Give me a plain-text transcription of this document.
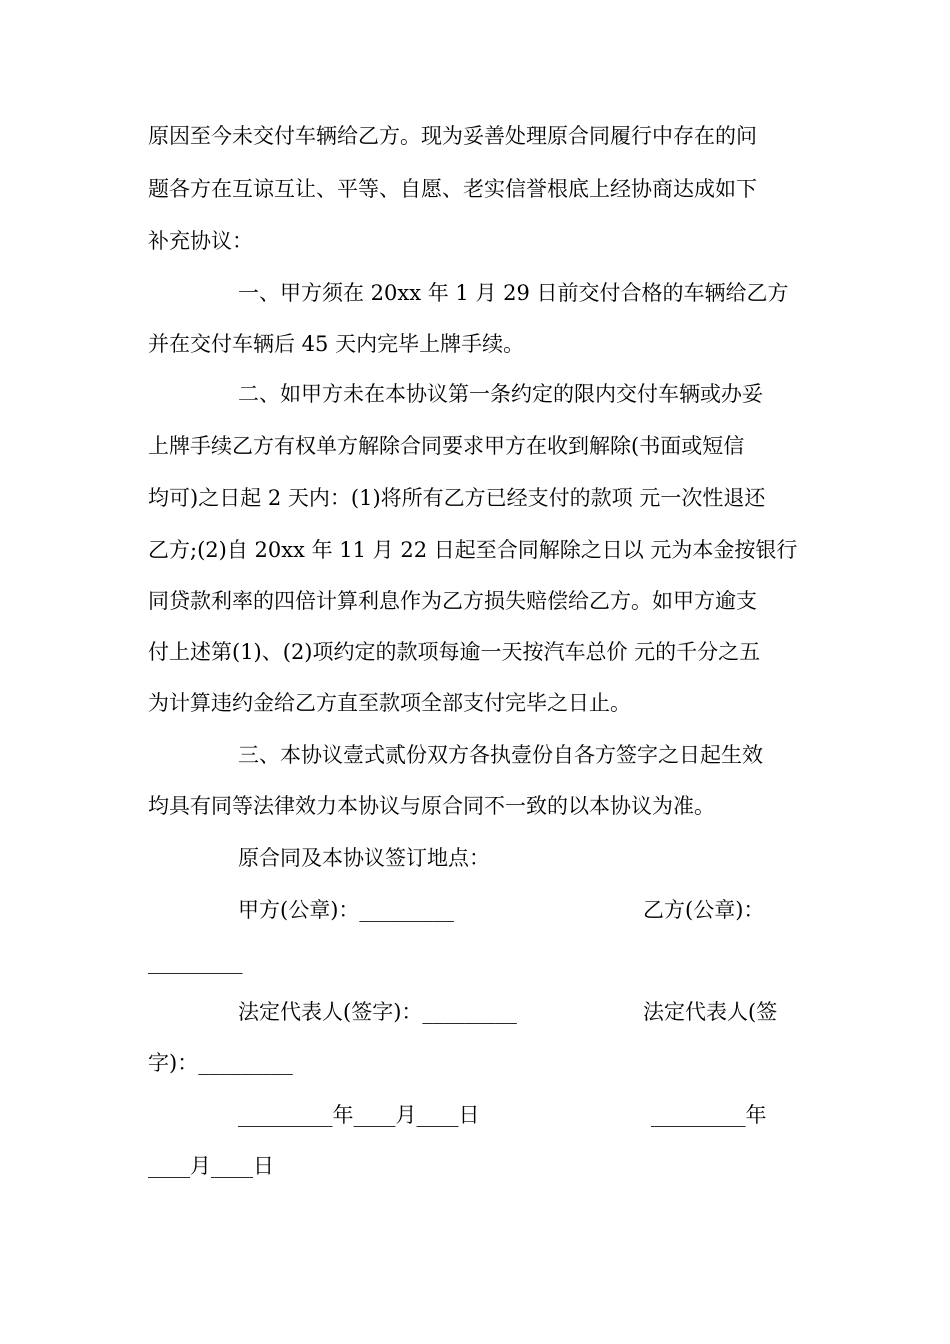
原因至今未交付车辆给乙方。现为妥善处理原合同履行中存在的问
题各方在互谅互让、平等、自愿、老实信誉根底上经协商达成如下
补充协议：
一、甲方须在 20xx 年 1 月 29 日前交付合格的车辆给乙方
并在交付车辆后 45 天内完毕上牌手续。
二、如甲方未在本协议第一条约定的限内交付车辆或办妥
上牌手续乙方有权单方解除合同要求甲方在收到解除(书面或短信
均可)之日起 2 天内：(1)将所有乙方已经支付的款项 元一次性退还
乙方;(2)自 20xx 年 11 月 22 日起至合同解除之日以 元为本金按银行
同贷款利率的四倍计算利息作为乙方损失赔偿给乙方。如甲方逾支
付上述第(1)、(2)项约定的款项每逾一天按汽车总价 元的千分之五
为计算违约金给乙方直至款项全部支付完毕之日止。
三、本协议壹式贰份双方各执壹份自各方签字之日起生效
均具有同等法律效力本协议与原合同不一致的以本协议为准。
原合同及本协议签订地点：
甲方(公章)：_________	乙方(公章)：
_________
法定代表人(签字)：_________	法定代表人(签
字)：_________
_________年____月____日	_________年
____月____日
